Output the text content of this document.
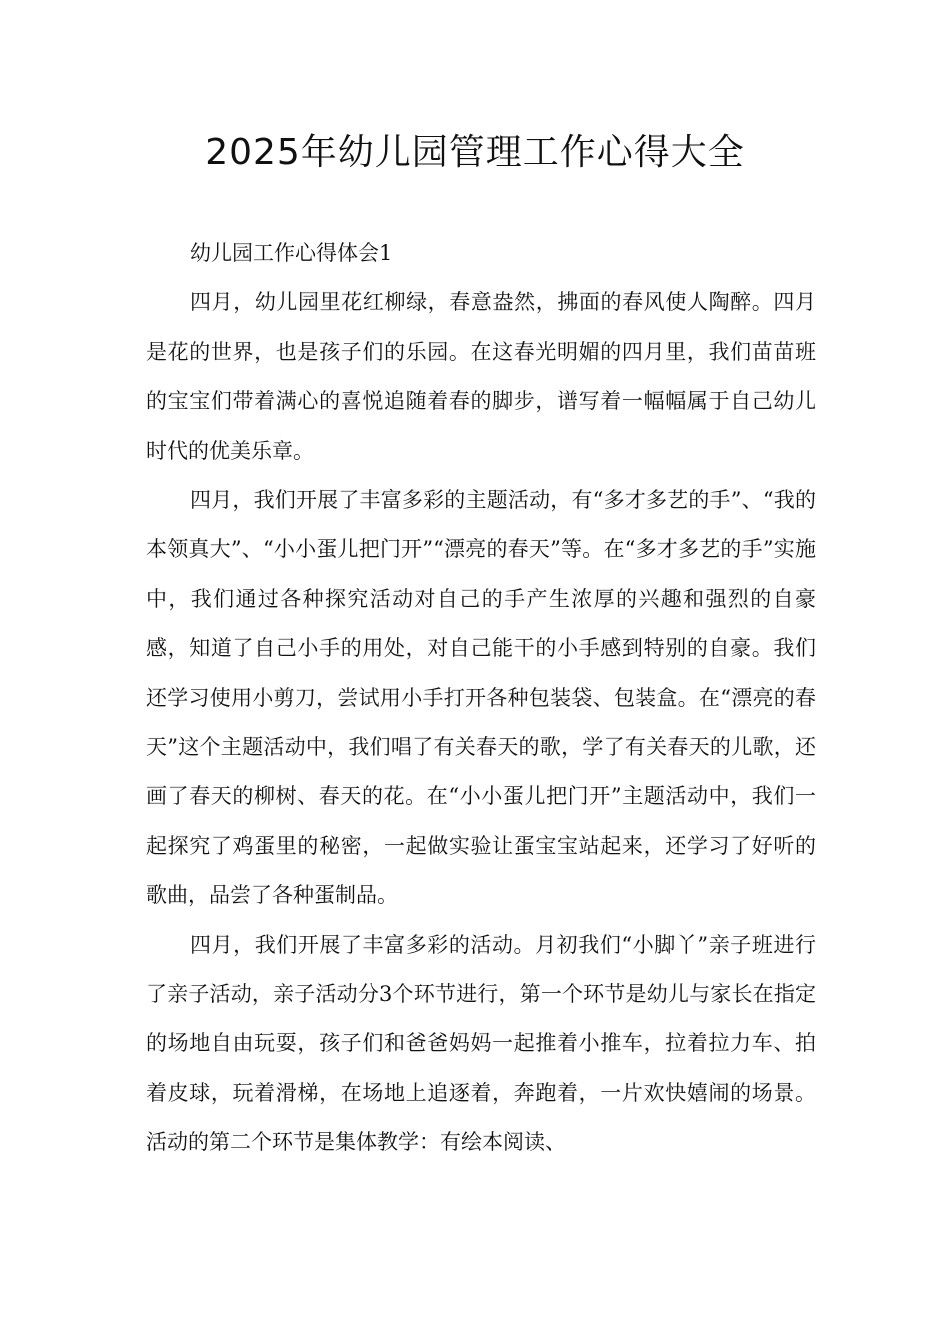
2025年幼儿园管理工作心得大全

幼儿园工作心得体会1

四月，幼儿园里花红柳绿，春意盎然，拂面的春风使人陶醉。四月是花的世界，也是孩子们的乐园。在这春光明媚的四月里，我们苗苗班的宝宝们带着满心的喜悦追随着春的脚步，谱写着一幅幅属于自己幼儿时代的优美乐章。

四月，我们开展了丰富多彩的主题活动，有“多才多艺的手”、“我的本领真大”、“小小蛋儿把门开”“漂亮的春天”等。在“多才多艺的手”实施中，我们通过各种探究活动对自己的手产生浓厚的兴趣和强烈的自豪感，知道了自己小手的用处，对自己能干的小手感到特别的自豪。我们还学习使用小剪刀，尝试用小手打开各种包装袋、包装盒。在“漂亮的春天”这个主题活动中，我们唱了有关春天的歌，学了有关春天的儿歌，还画了春天的柳树、春天的花。在“小小蛋儿把门开”主题活动中，我们一起探究了鸡蛋里的秘密，一起做实验让蛋宝宝站起来，还学习了好听的歌曲，品尝了各种蛋制品。

四月，我们开展了丰富多彩的活动。月初我们“小脚丫”亲子班进行了亲子活动，亲子活动分3个环节进行，第一个环节是幼儿与家长在指定的场地自由玩耍，孩子们和爸爸妈妈一起推着小推车，拉着拉力车、拍着皮球，玩着滑梯，在场地上追逐着，奔跑着，一片欢快嬉闹的场景。活动的第二个环节是集体教学：有绘本阅读、
